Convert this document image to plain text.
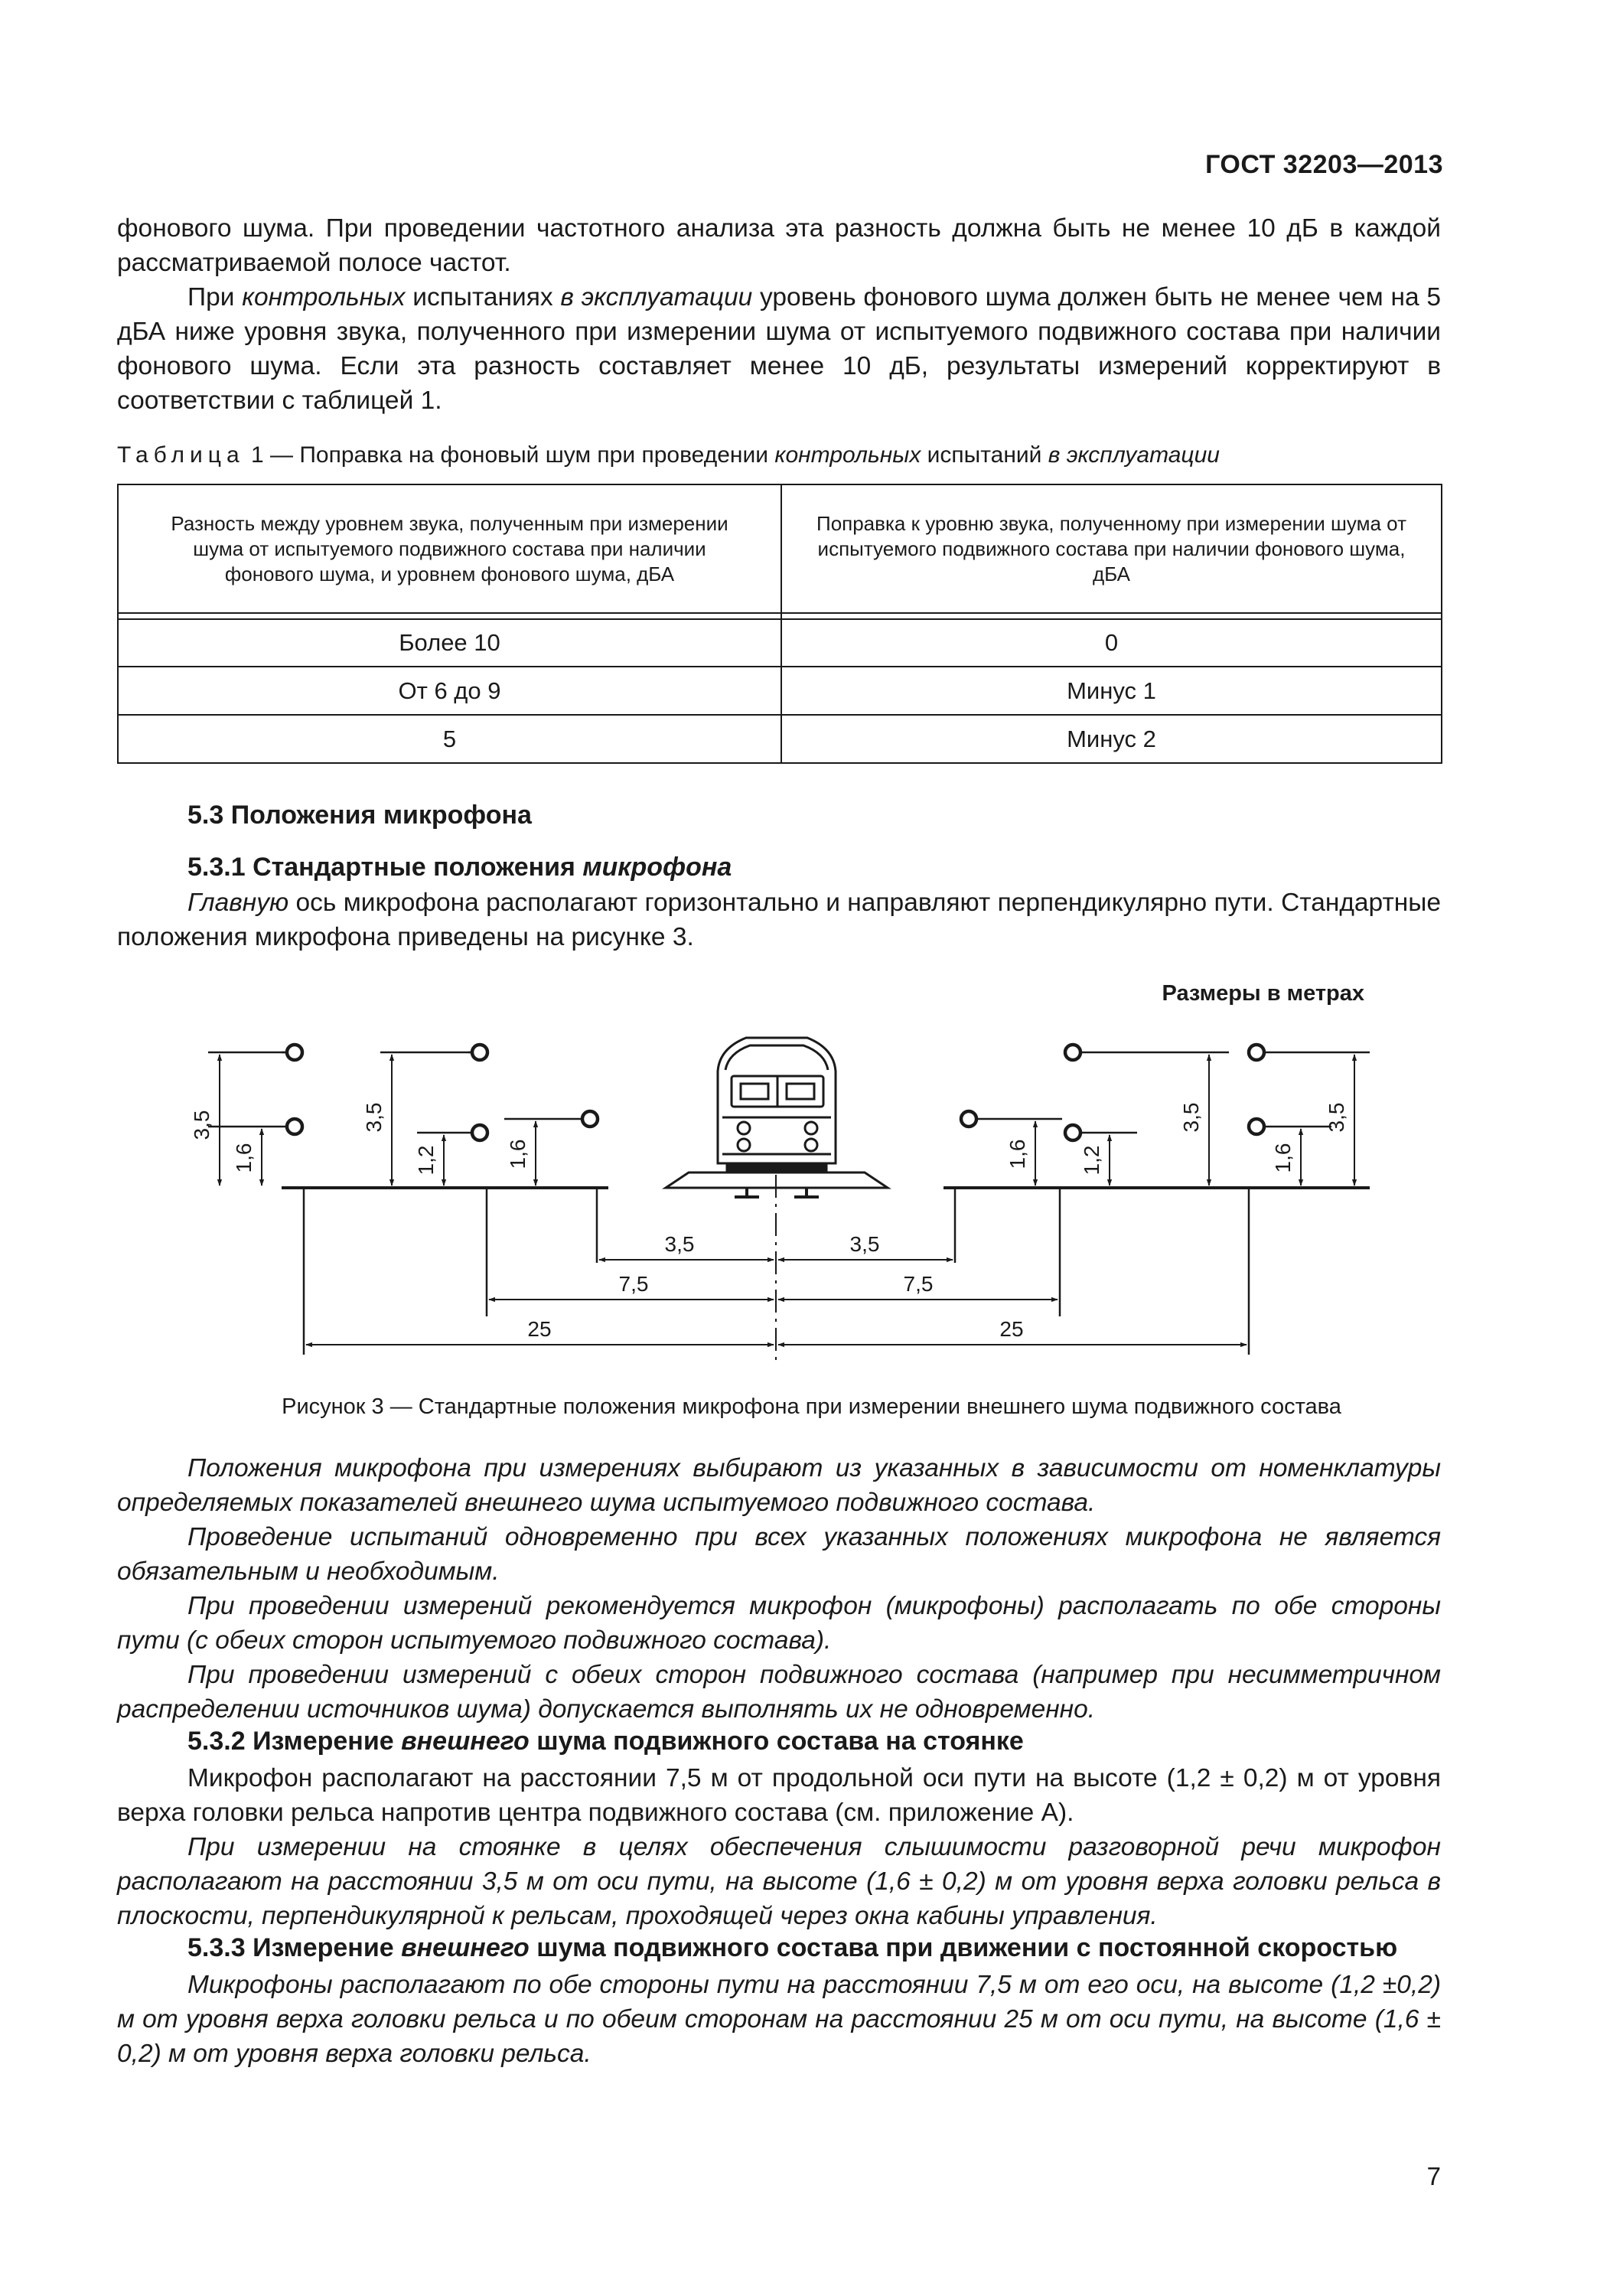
ГОСТ 32203—2013

фонового шума. При проведении частотного анализа эта разность должна быть не менее 10 дБ в каждой рассматриваемой полосе частот.

При контрольных испытаниях в эксплуатации уровень фонового шума должен быть не менее чем на 5 дБА ниже уровня звука, полученного при измерении шума от испытуемого подвижного состава при наличии фонового шума. Если эта разность составляет менее 10 дБ, результаты измерений корректируют в соответствии с таблицей 1.

Таблица 1 — Поправка на фоновый шум при проведении контрольных испытаний в эксплуатации
Разность между уровнем звука, полученным при измерении шума от испытуемого подвижного состава при наличии фонового шума, и уровнем фонового шума, дБА	Поправка к уровню звука, полученному при измерении шума от испытуемого подвижного состава при наличии фонового шума, дБА

Более 10	0
От 6 до 9	Минус 1
5	Минус 2
5.3 Положения микрофона
5.3.1 Стандартные положения микрофона

Главную ось микрофона располагают горизонтально и направляют перпендикулярно пути. Стандартные положения микрофона приведены на рисунке 3.

Размеры в метрах
3,5
1,6
3,5
1,2	1,6	1,6 1,2
3,5
1,6
3,5
3,5	3,5
7,5	7,5
25	25
Рисунок 3 — Стандартные положения микрофона при измерении внешнего шума подвижного состава

Положения микрофона при измерениях выбирают из указанных в зависимости от номенклатуры определяемых показателей внешнего шума испытуемого подвижного состава.

Проведение испытаний одновременно при всех указанных положениях микрофона не является обязательным и необходимым.

При проведении измерений рекомендуется микрофон (микрофоны) располагать по обе стороны пути (с обеих сторон испытуемого подвижного состава).

При проведении измерений с обеих сторон подвижного состава (например при несимметричном распределении источников шума) допускается выполнять их не одновременно.

5.3.2 Измерение внешнего шума подвижного состава на стоянке

Микрофон располагают на расстоянии 7,5 м от продольной оси пути на высоте (1,2 ± 0,2) м от уровня верха головки рельса напротив центра подвижного состава (см. приложение А).

При измерении на стоянке в целях обеспечения слышимости разговорной речи микрофон располагают на расстоянии 3,5 м от оси пути, на высоте (1,6 ± 0,2) м от уровня верха головки рельса в плоскости, перпендикулярной к рельсам, проходящей через окна кабины управления.

5.3.3 Измерение внешнего шума подвижного состава при движении с постоянной скоростью

Микрофоны располагают по обе стороны пути на расстоянии 7,5 м от его оси, на высоте (1,2 ±0,2) м от уровня верха головки рельса и по обеим сторонам на расстоянии 25 м от оси пути, на высоте (1,6 ± 0,2) м от уровня верха головки рельса.

7
